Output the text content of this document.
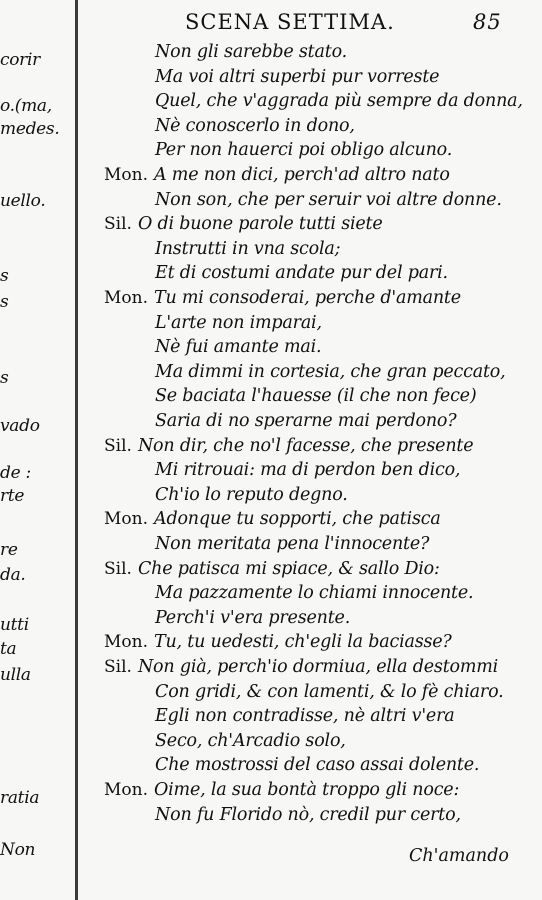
corir
o.(ma,
medes.
uello.
s
s
s
vado
de :
rte
re
da.
utti
ta
ulla
ratia
Non
SCENA SETTIMA.	85
Non gli sarebbe stato.
Ma voi altri superbi pur vorreste
Quel, che v'aggrada più sempre da donna,
Nè conoscerlo in dono,
Per non hauerci poi obligo alcuno.
Mon. A me non dici, perch'ad altro nato
Non son, che per seruir voi altre donne.
Sil. O di buone parole tutti siete
Instrutti in vna scola;
Et di costumi andate pur del pari.
Mon. Tu mi consoderai, perche d'amante
L'arte non imparai,
Nè fui amante mai.
Ma dimmi in cortesia, che gran peccato,
Se baciata l'hauesse (il che non fece)
Saria di no sperarne mai perdono?
Sil. Non dir, che no'l facesse, che presente
Mi ritrouai: ma di perdon ben dico,
Ch'io lo reputo degno.
Mon. Adonque tu sopporti, che patisca
Non meritata pena l'innocente?
Sil. Che patisca mi spiace, & sallo Dio:
Ma pazzamente lo chiami innocente.
Perch'i v'era presente.
Mon. Tu, tu uedesti, ch'egli la baciasse?
Sil. Non già, perch'io dormiua, ella destommi
Con gridi, & con lamenti, & lo fè chiaro.
Egli non contradisse, nè altri v'era
Seco, ch'Arcadio solo,
Che mostrossi del caso assai dolente.
Mon. Oime, la sua bontà troppo gli noce:
Non fu Florido nò, credil pur certo,
Ch'amando
